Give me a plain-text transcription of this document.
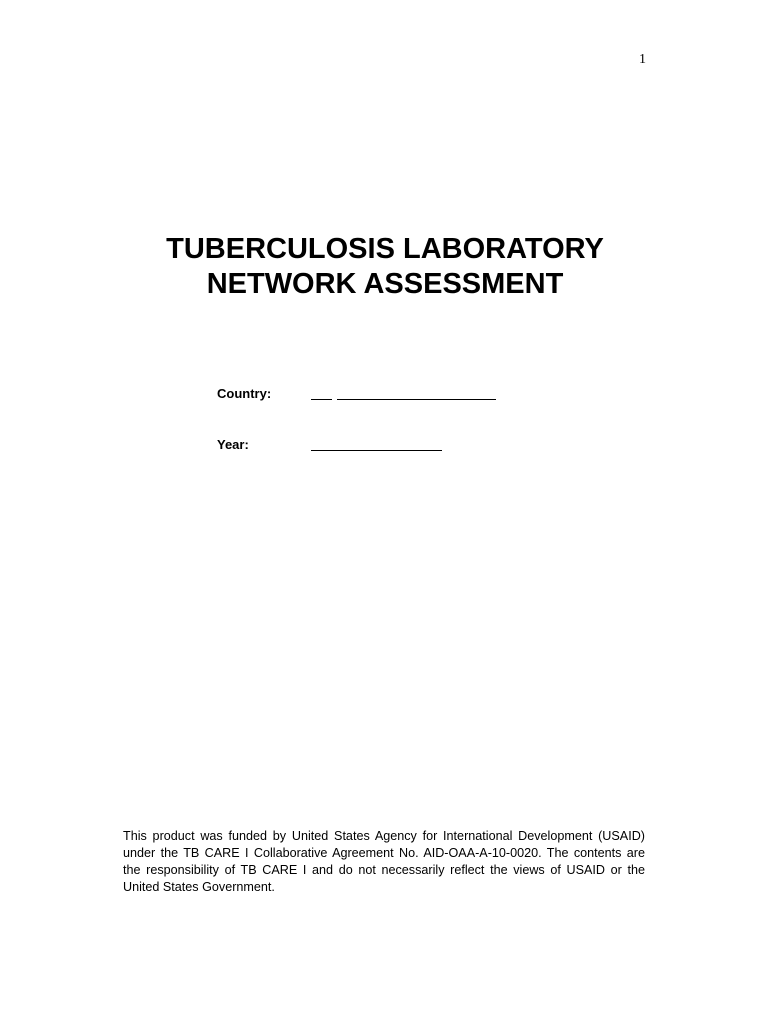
1
TUBERCULOSIS LABORATORY
NETWORK ASSESSMENT
Country:
Year:
This product was funded by United States Agency for International Development (USAID) under the TB CARE I Collaborative Agreement No. AID-OAA-A-10-0020. The contents are the responsibility of TB CARE I and do not necessarily reflect the views of USAID or the United States Government.
